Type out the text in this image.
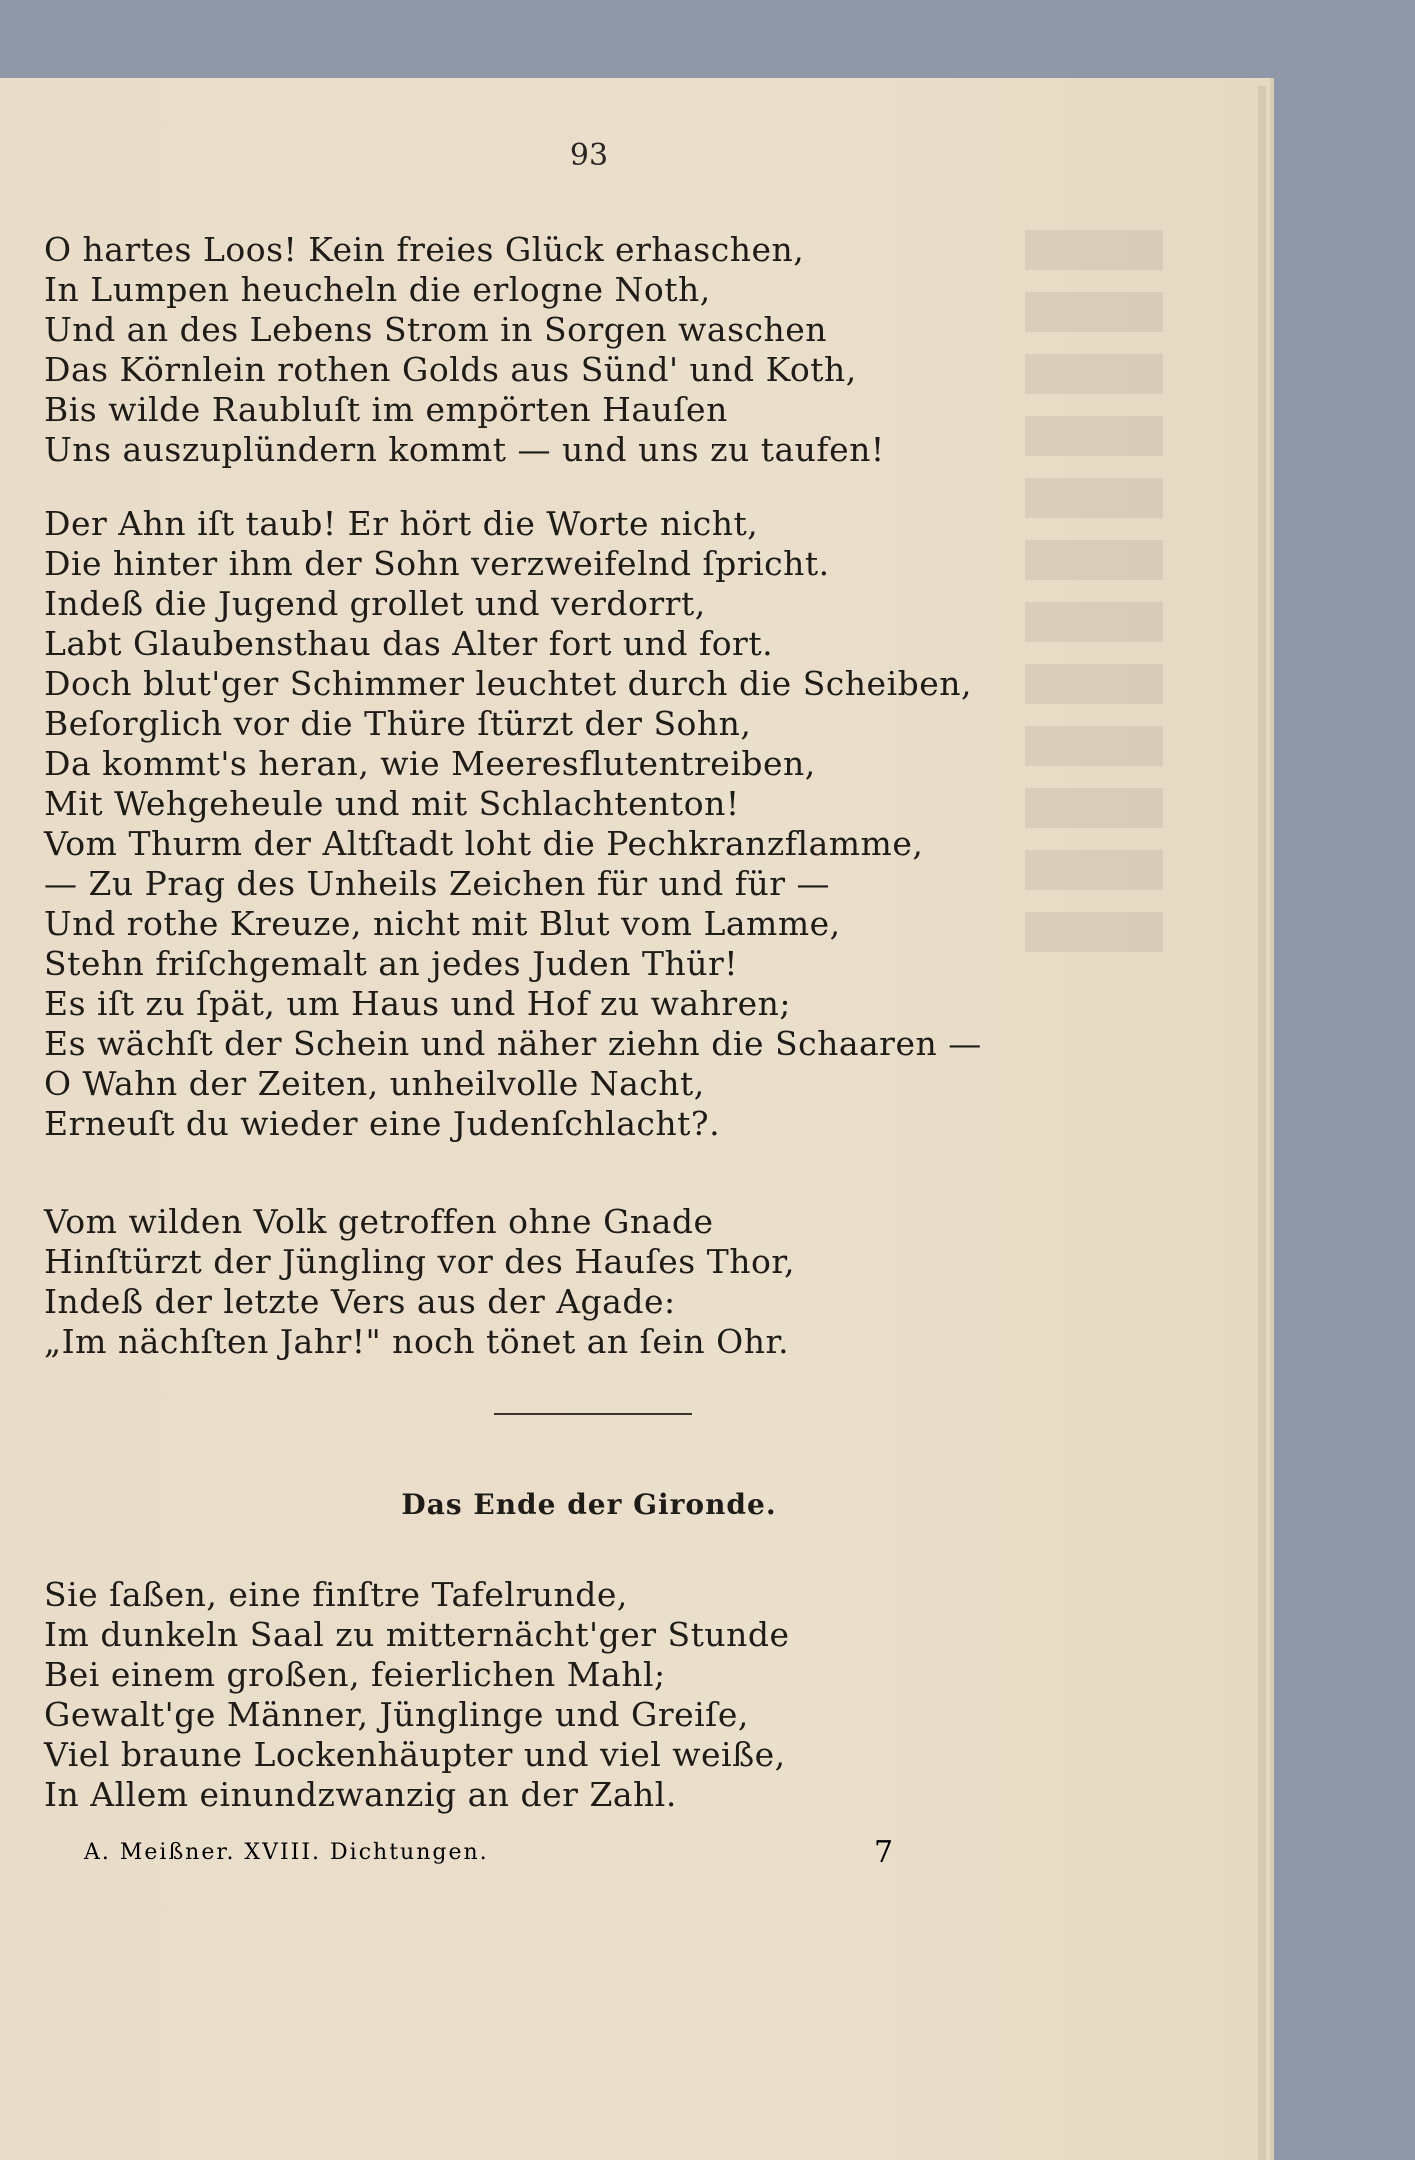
93
O hartes Loos! Kein freies Glück erhaschen,
In Lumpen heucheln die erlogne Noth,
Und an des Lebens Strom in Sorgen waschen
Das Körnlein rothen Golds aus Sünd' und Koth,
Bis wilde Raubluſt im empörten Hauſen
Uns auszuplündern kommt — und uns zu taufen!
Der Ahn iſt taub! Er hört die Worte nicht,
Die hinter ihm der Sohn verzweifelnd ſpricht.
Indeß die Jugend grollet und verdorrt,
Labt Glaubensthau das Alter fort und fort.
Doch blut'ger Schimmer leuchtet durch die Scheiben,
Beſorglich vor die Thüre ſtürzt der Sohn,
Da kommt's heran, wie Meeresflutentreiben,
Mit Wehgeheule und mit Schlachtenton!
Vom Thurm der Altſtadt loht die Pechkranzflamme,
— Zu Prag des Unheils Zeichen für und für —
Und rothe Kreuze, nicht mit Blut vom Lamme,
Stehn friſchgemalt an jedes Juden Thür!
Es iſt zu ſpät, um Haus und Hof zu wahren;
Es wächſt der Schein und näher ziehn die Schaaren —
O Wahn der Zeiten, unheilvolle Nacht,
Erneuſt du wieder eine Judenſchlacht?.
Vom wilden Volk getroffen ohne Gnade
Hinſtürzt der Jüngling vor des Hauſes Thor,
Indeß der letzte Vers aus der Agade:
„Im nächſten Jahr!" noch tönet an ſein Ohr.
Das Ende der Gironde.
Sie ſaßen, eine finſtre Tafelrunde,
Im dunkeln Saal zu mitternächt'ger Stunde
Bei einem großen, feierlichen Mahl;
Gewalt'ge Männer, Jünglinge und Greiſe,
Viel braune Lockenhäupter und viel weiße,
In Allem einundzwanzig an der Zahl.
A. Meißner. XVIII. Dichtungen.	7
